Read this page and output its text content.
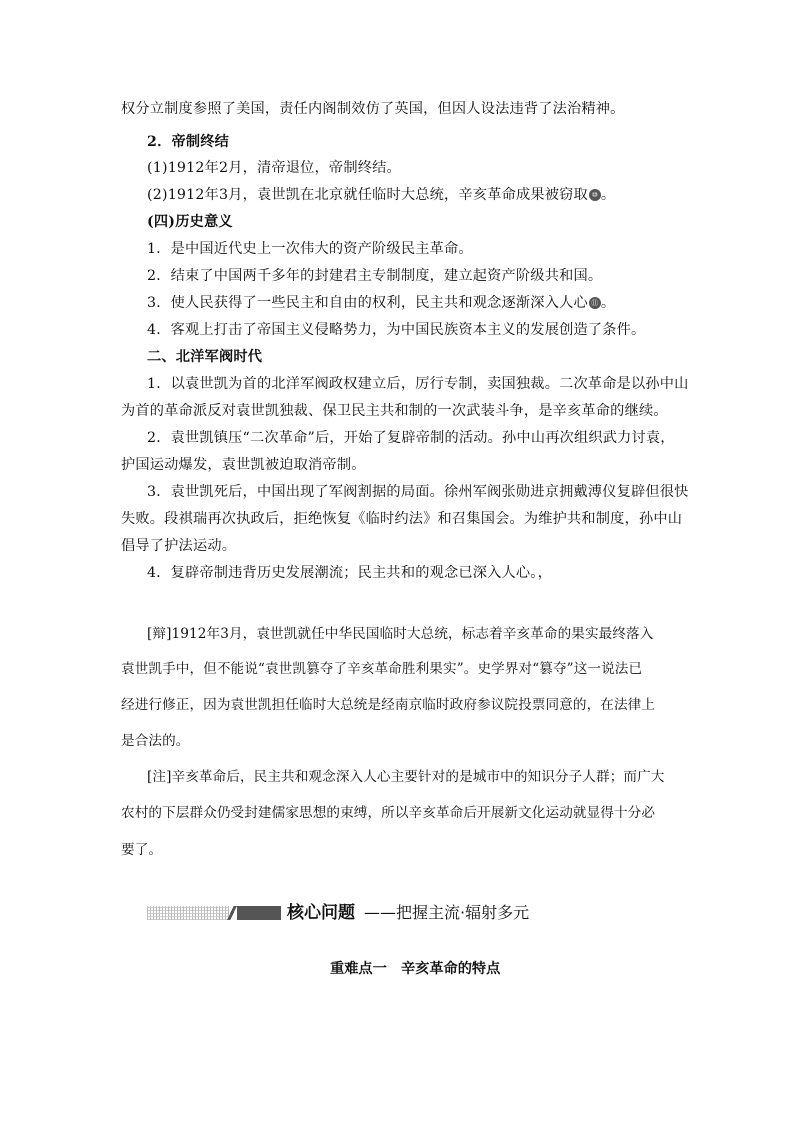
权分立制度参照了美国，责任内阁制效仿了英国，但因人设法违背了法治精神。
2．帝制终结
(1)1912年2月，清帝退位，帝制终结。
(2)1912年3月，袁世凯在北京就任临时大总统，辛亥革命成果被窃取 ⑩ 。
(四)历史意义
1．是中国近代史上一次伟大的资产阶级民主革命。
2．结束了中国两千多年的封建君主专制制度，建立起资产阶级共和国。
3．使人民获得了一些民主和自由的权利，民主共和观念逐渐深入人心 ⑪ 。
4．客观上打击了帝国主义侵略势力，为中国民族资本主义的发展创造了条件。
二、北洋军阀时代
1．以袁世凯为首的北洋军阀政权建立后，厉行专制，卖国独裁。二次革命是以孙中山
为首的革命派反对袁世凯独裁、保卫民主共和制的一次武装斗争，是辛亥革命的继续。
2．袁世凯镇压“二次革命”后，开始了复辟帝制的活动。孙中山再次组织武力讨袁，
护国运动爆发，袁世凯被迫取消帝制。
3．袁世凯死后，中国出现了军阀割据的局面。徐州军阀张勋进京拥戴溥仪复辟但很快
失败。段祺瑞再次执政后，拒绝恢复《临时约法》和召集国会。为维护共和制度，孙中山
倡导了护法运动。
4．复辟帝制违背历史发展潮流；民主共和的观念已深入人心。，
[辩]1912年3月，袁世凯就任中华民国临时大总统，标志着辛亥革命的果实最终落入
袁世凯手中，但不能说“袁世凯篡夺了辛亥革命胜利果实”。史学界对“篡夺”这一说法已
经进行修正，因为袁世凯担任临时大总统是经南京临时政府参议院投票同意的，在法律上
是合法的。
[注]辛亥革命后，民主共和观念深入人心主要针对的是城市中的知识分子人群；而广大
农村的下层群众仍受封建儒家思想的束缚，所以辛亥革命后开展新文化运动就显得十分必
要了。
核心问题 ——把握主流·辐射多元
重难点一　辛亥革命的特点
